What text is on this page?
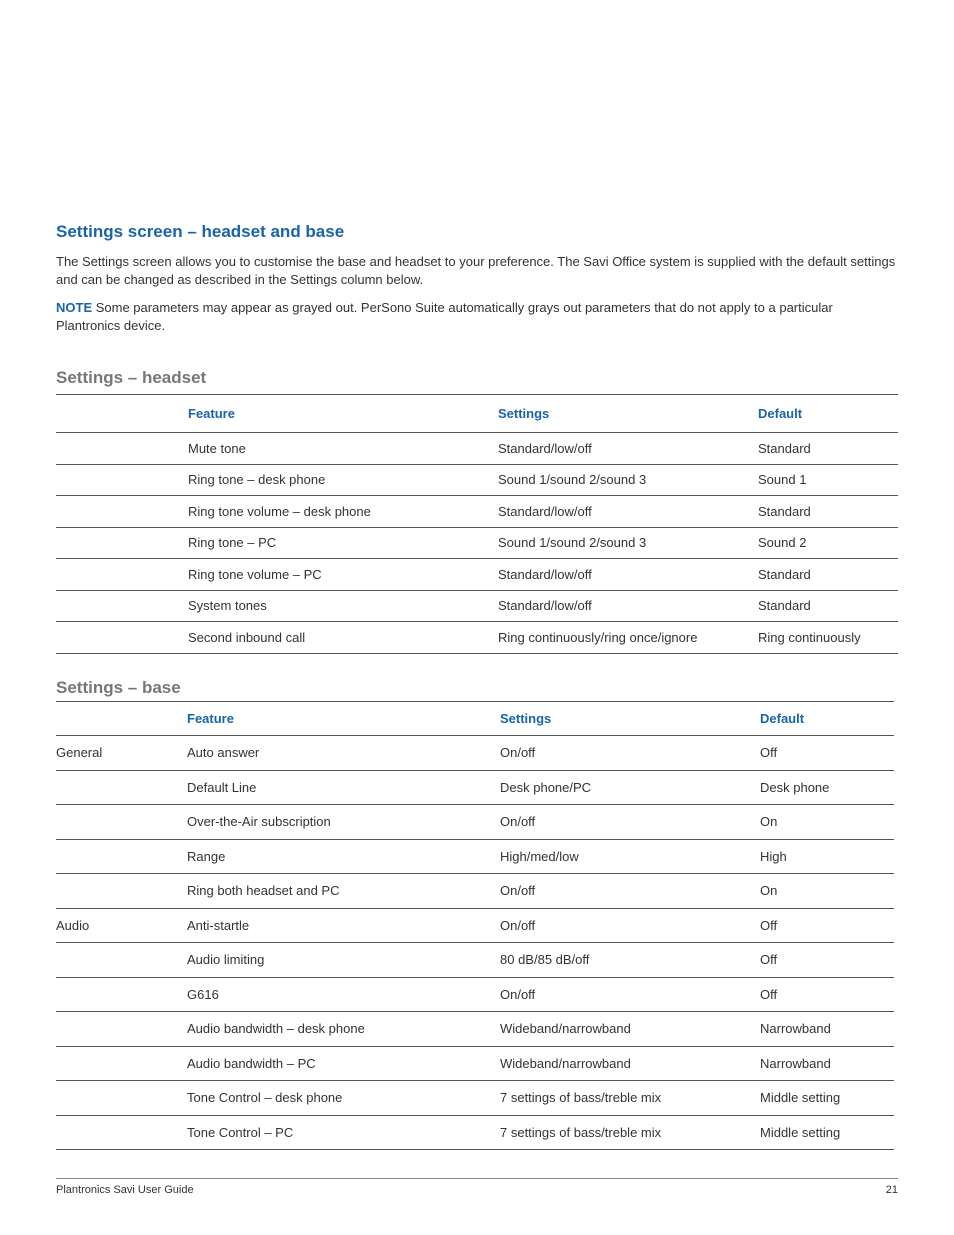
Settings screen – headset and base

The Settings screen allows you to customise the base and headset to your preference. The Savi Office system is supplied with the default settings and can be changed as described in the Settings column below.

NOTE Some parameters may appear as grayed out. PerSono Suite automatically grays out parameters that do not apply to a particular Plantronics device.

Settings – headset
	Feature	Settings	Default
	Mute tone	Standard/low/off	Standard
	Ring tone – desk phone	Sound 1/sound 2/sound 3	Sound 1
	Ring tone volume – desk phone	Standard/low/off	Standard
	Ring tone – PC	Sound 1/sound 2/sound 3	Sound 2
	Ring tone volume – PC	Standard/low/off	Standard
	System tones	Standard/low/off	Standard
	Second inbound call	Ring continuously/ring once/ignore	Ring continuously
Settings – base
	Feature	Settings	Default
General	Auto answer	On/off	Off
	Default Line	Desk phone/PC	Desk phone
	Over-the-Air subscription	On/off	On
	Range	High/med/low	High
	Ring both headset and PC	On/off	On
Audio	Anti-startle	On/off	Off
	Audio limiting	80 dB/85 dB/off	Off
	G616	On/off	Off
	Audio bandwidth – desk phone	Wideband/narrowband	Narrowband
	Audio bandwidth – PC	Wideband/narrowband	Narrowband
	Tone Control – desk phone	7 settings of bass/treble mix	Middle setting
	Tone Control – PC	7 settings of bass/treble mix	Middle setting
Plantronics Savi User Guide	21
